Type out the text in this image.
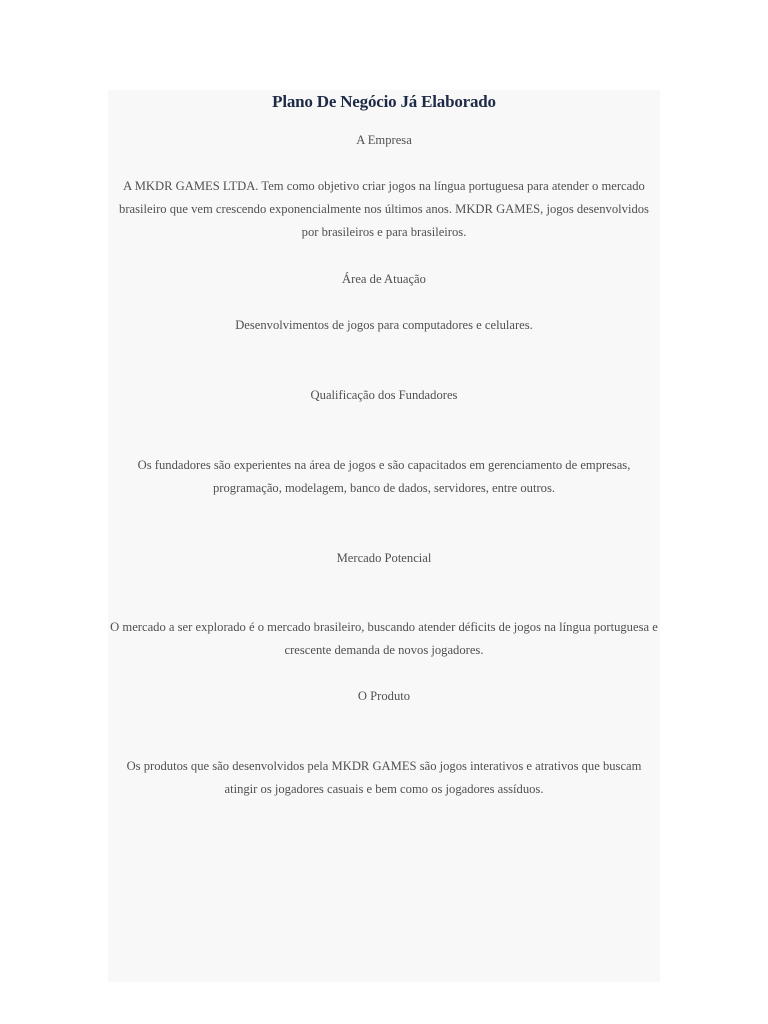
Plano De Negócio Já Elaborado
A Empresa
A MKDR GAMES LTDA. Tem como objetivo criar jogos na língua portuguesa para atender o mercado brasileiro que vem crescendo exponencialmente nos últimos anos. MKDR GAMES, jogos desenvolvidos por brasileiros e para brasileiros.
Área de Atuação
Desenvolvimentos de jogos para computadores e celulares.
Qualificação dos Fundadores
Os fundadores são experientes na área de jogos e são capacitados em gerenciamento de empresas, programação, modelagem, banco de dados, servidores, entre outros.
Mercado Potencial
O mercado a ser explorado é o mercado brasileiro, buscando atender déficits de jogos na língua portuguesa e crescente demanda de novos jogadores.
O Produto
Os produtos que são desenvolvidos pela MKDR GAMES são jogos interativos e atrativos que buscam atingir os jogadores casuais e bem como os jogadores assíduos.
